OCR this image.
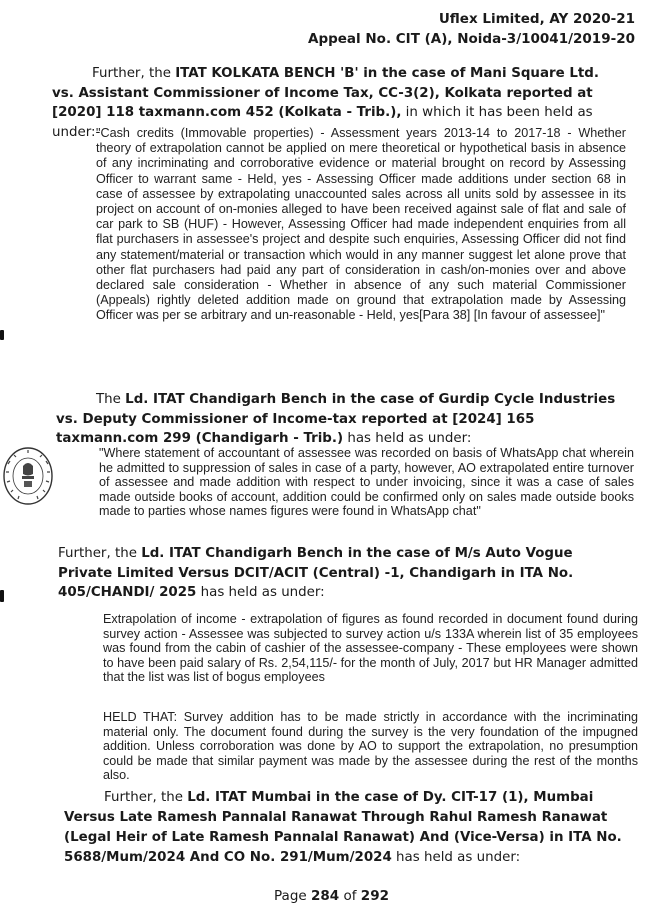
Uflex Limited, AY 2020-21
Appeal No. CIT (A), Noida-3/10041/2019-20
Further, the ITAT KOLKATA BENCH 'B' in the case of Mani Square Ltd. vs. Assistant Commissioner of Income Tax, CC-3(2), Kolkata reported at [2020] 118 taxmann.com 452 (Kolkata - Trib.), in which it has been held as under:-
"Cash credits (Immovable properties) - Assessment years 2013-14 to 2017-18 - Whether theory of extrapolation cannot be applied on mere theoretical or hypothetical basis in absence of any incriminating and corroborative evidence or material brought on record by Assessing Officer to warrant same - Held, yes - Assessing Officer made additions under section 68 in case of assessee by extrapolating unaccounted sales across all units sold by assessee in its project on account of on-monies alleged to have been received against sale of flat and sale of car park to SB (HUF) - However, Assessing Officer had made independent enquiries from all flat purchasers in assessee's project and despite such enquiries, Assessing Officer did not find any statement/material or transaction which would in any manner suggest let alone prove that other flat purchasers had paid any part of consideration in cash/on-monies over and above declared sale consideration - Whether in absence of any such material Commissioner (Appeals) rightly deleted addition made on ground that extrapolation made by Assessing Officer was per se arbitrary and un-reasonable - Held, yes[Para 38] [In favour of assessee]"
The Ld. ITAT Chandigarh Bench in the case of Gurdip Cycle Industries vs. Deputy Commissioner of Income-tax reported at [2024] 165 taxmann.com 299 (Chandigarh - Trib.) has held as under:
"Where statement of accountant of assessee was recorded on basis of WhatsApp chat wherein he admitted to suppression of sales in case of a party, however, AO extrapolated entire turnover of assessee and made addition with respect to under invoicing, since it was a case of sales made outside books of account, addition could be confirmed only on sales made outside books made to parties whose names figures were found in WhatsApp chat"
Further, the Ld. ITAT Chandigarh Bench in the case of M/s Auto Vogue Private Limited Versus DCIT/ACIT (Central) -1, Chandigarh in ITA No. 405/CHANDI/ 2025 has held as under:
Extrapolation of income - extrapolation of figures as found recorded in document found during survey action - Assessee was subjected to survey action u/s 133A wherein list of 35 employees was found from the cabin of cashier of the assessee-company - These employees were shown to have been paid salary of Rs. 2,54,115/- for the month of July, 2017 but HR Manager admitted that the list was list of bogus employees
HELD THAT: Survey addition has to be made strictly in accordance with the incriminating material only. The document found during the survey is the very foundation of the impugned addition. Unless corroboration was done by AO to support the extrapolation, no presumption could be made that similar payment was made by the assessee during the rest of the months also.
Further, the Ld. ITAT Mumbai in the case of Dy. CIT-17 (1), Mumbai Versus Late Ramesh Pannalal Ranawat Through Rahul Ramesh Ranawat (Legal Heir of Late Ramesh Pannalal Ranawat) And (Vice-Versa) in ITA No. 5688/Mum/2024 And CO No. 291/Mum/2024 has held as under:
Page 284 of 292
